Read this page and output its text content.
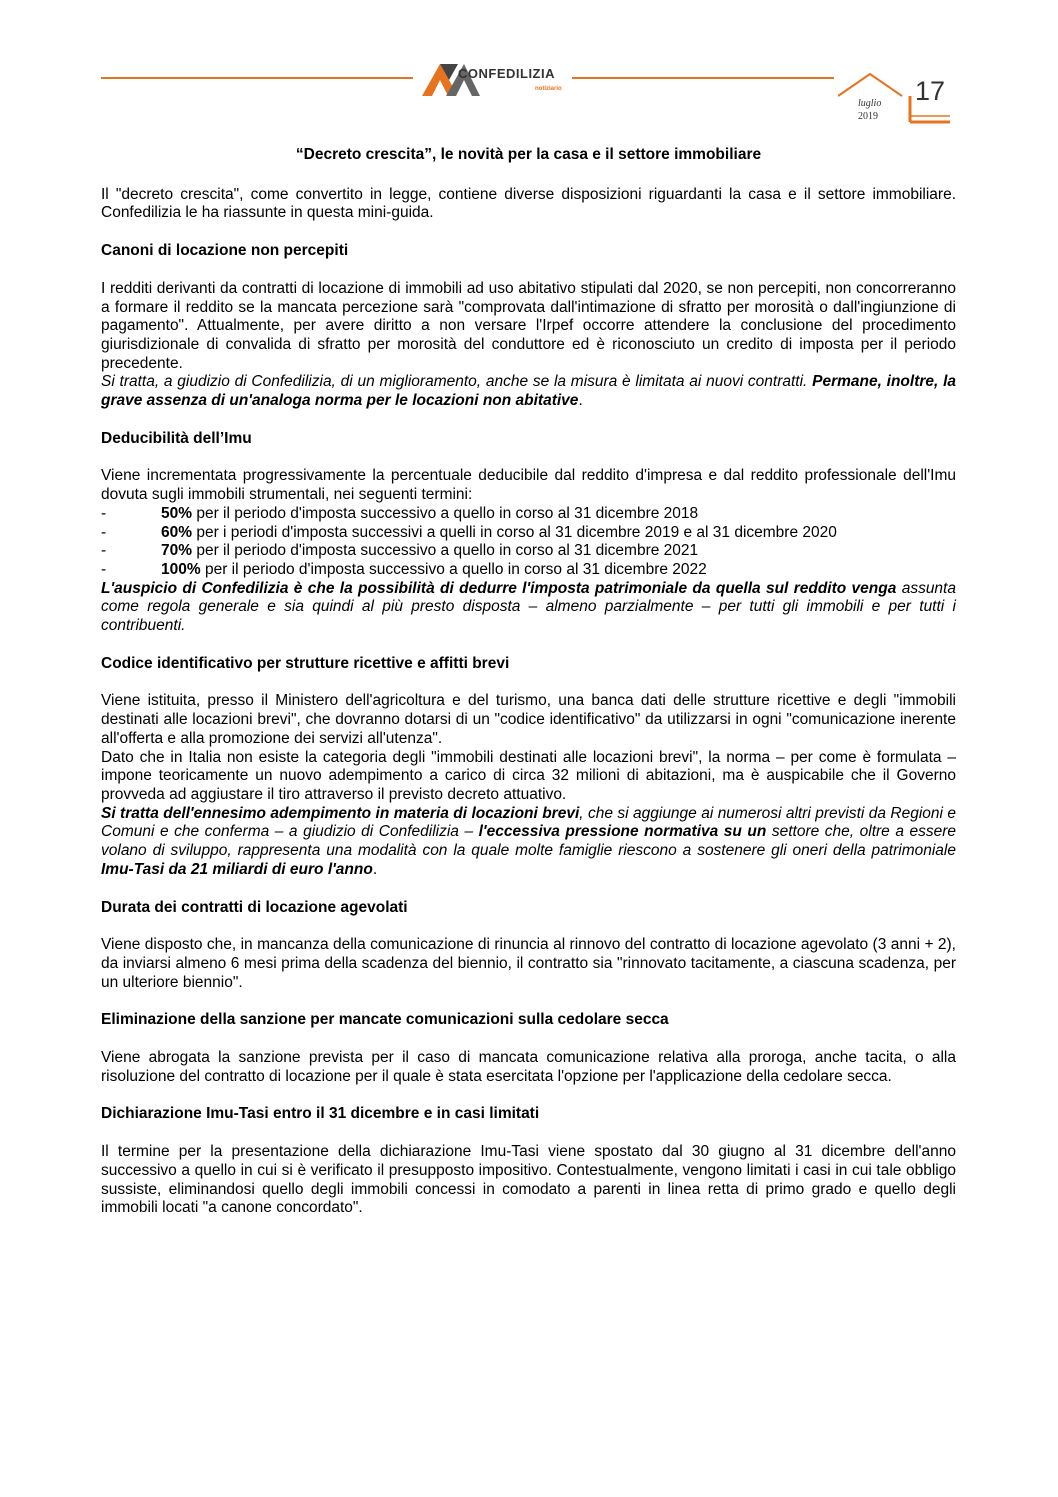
CONFEDILIZIA
notiziario
luglio
2019
17
“Decreto crescita”, le novità per la casa e il settore immobiliare

Il "decreto crescita", come convertito in legge, contiene diverse disposizioni riguardanti la casa e il settore immobiliare. Confedilizia le ha riassunte in questa mini-guida.

Canoni di locazione non percepiti

I redditi derivanti da contratti di locazione di immobili ad uso abitativo stipulati dal 2020, se non percepiti, non concorreranno a formare il reddito se la mancata percezione sarà "comprovata dall'intimazione di sfratto per morosità o dall'ingiunzione di pagamento". Attualmente, per avere diritto a non versare l'Irpef occorre attendere la conclusione del procedimento giurisdizionale di convalida di sfratto per morosità del conduttore ed è riconosciuto un credito di imposta per il periodo precedente.

Si tratta, a giudizio di Confedilizia, di un miglioramento, anche se la misura è limitata ai nuovi contratti. Permane, inoltre, la grave assenza di un'analoga norma per le locazioni non abitative.

Deducibilità dell’Imu

Viene incrementata progressivamente la percentuale deducibile dal reddito d'impresa e dal reddito professionale dell'Imu dovuta sugli immobili strumentali, nei seguenti termini:

-	50% per il periodo d'imposta successivo a quello in corso al 31 dicembre 2018
-	60% per i periodi d'imposta successivi a quelli in corso al 31 dicembre 2019 e al 31 dicembre 2020
-	70% per il periodo d'imposta successivo a quello in corso al 31 dicembre 2021
-	100% per il periodo d'imposta successivo a quello in corso al 31 dicembre 2022

L'auspicio di Confedilizia è che la possibilità di dedurre l'imposta patrimoniale da quella sul reddito venga assunta come regola generale e sia quindi al più presto disposta – almeno parzialmente – per tutti gli immobili e per tutti i contribuenti.

Codice identificativo per strutture ricettive e affitti brevi

Viene istituita, presso il Ministero dell'agricoltura e del turismo, una banca dati delle strutture ricettive e degli "immobili destinati alle locazioni brevi", che dovranno dotarsi di un "codice identificativo" da utilizzarsi in ogni "comunicazione inerente all'offerta e alla promozione dei servizi all'utenza".

Dato che in Italia non esiste la categoria degli "immobili destinati alle locazioni brevi", la norma – per come è formulata – impone teoricamente un nuovo adempimento a carico di circa 32 milioni di abitazioni, ma è auspicabile che il Governo provveda ad aggiustare il tiro attraverso il previsto decreto attuativo.

Si tratta dell'ennesimo adempimento in materia di locazioni brevi, che si aggiunge ai numerosi altri previsti da Regioni e Comuni e che conferma – a giudizio di Confedilizia – l'eccessiva pressione normativa su un settore che, oltre a essere volano di sviluppo, rappresenta una modalità con la quale molte famiglie riescono a sostenere gli oneri della patrimoniale Imu-Tasi da 21 miliardi di euro l'anno.

Durata dei contratti di locazione agevolati

Viene disposto che, in mancanza della comunicazione di rinuncia al rinnovo del contratto di locazione agevolato (3 anni + 2), da inviarsi almeno 6 mesi prima della scadenza del biennio, il contratto sia "rinnovato tacitamente, a ciascuna scadenza, per un ulteriore biennio".

Eliminazione della sanzione per mancate comunicazioni sulla cedolare secca

Viene abrogata la sanzione prevista per il caso di mancata comunicazione relativa alla proroga, anche tacita, o alla risoluzione del contratto di locazione per il quale è stata esercitata l'opzione per l'applicazione della cedolare secca.

Dichiarazione Imu-Tasi entro il 31 dicembre e in casi limitati

Il termine per la presentazione della dichiarazione Imu-Tasi viene spostato dal 30 giugno al 31 dicembre dell'anno successivo a quello in cui si è verificato il presupposto impositivo. Contestualmente, vengono limitati i casi in cui tale obbligo sussiste, eliminandosi quello degli immobili concessi in comodato a parenti in linea retta di primo grado e quello degli immobili locati "a canone concordato".
